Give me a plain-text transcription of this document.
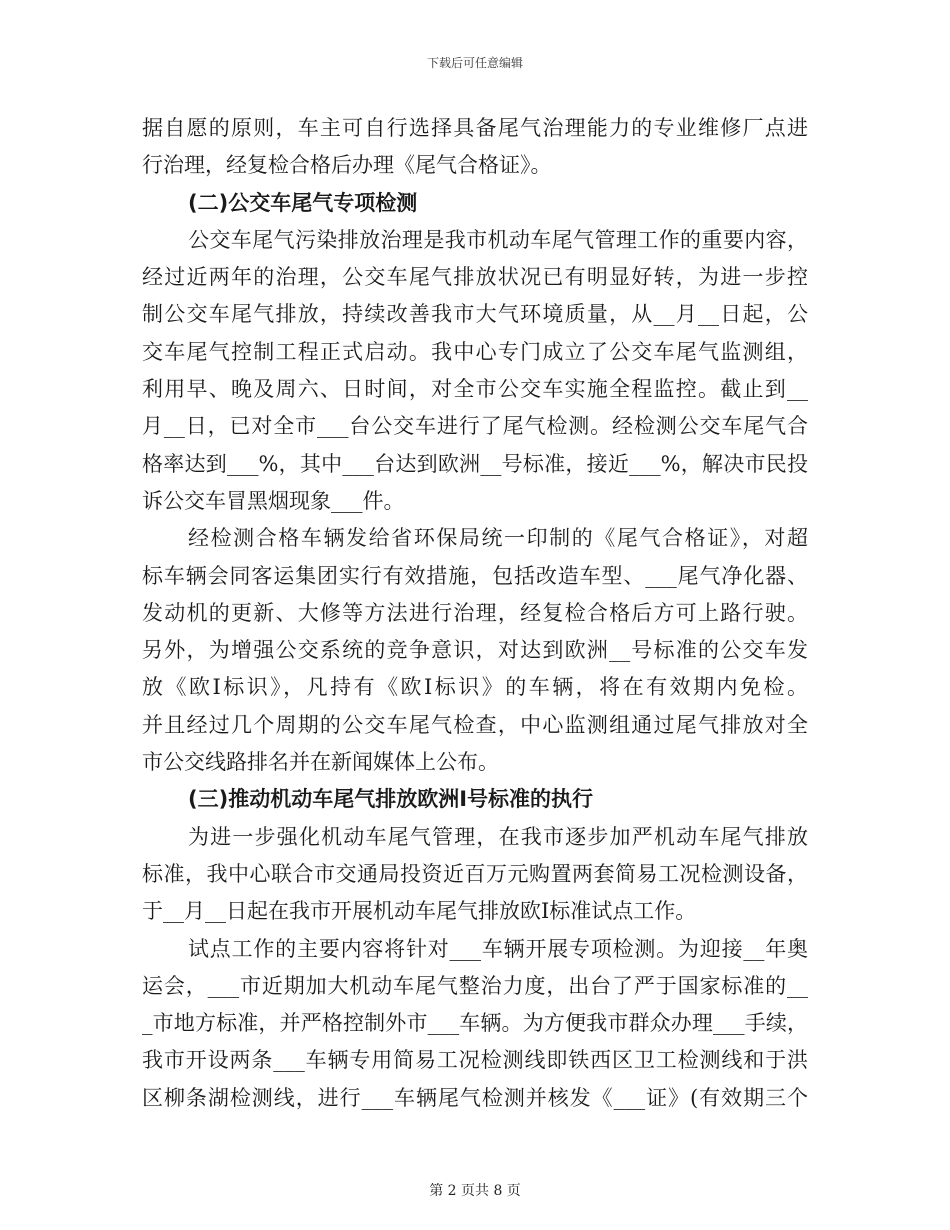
下载后可任意编辑
据自愿的原则，车主可自行选择具备尾气治理能力的专业维修厂点进
行治理，经复检合格后办理《尾气合格证》。
(二)公交车尾气专项检测
公交车尾气污染排放治理是我市机动车尾气管理工作的重要内容，
经过近两年的治理，公交车尾气排放状况已有明显好转，为进一步控
制公交车尾气排放，持续改善我市大气环境质量，从__月__日起，公
交车尾气控制工程正式启动。我中心专门成立了公交车尾气监测组，
利用早、晚及周六、日时间，对全市公交车实施全程监控。截止到__
月__日，已对全市___台公交车进行了尾气检测。经检测公交车尾气合
格率达到___%，其中___台达到欧洲__号标准，接近___%，解决市民投
诉公交车冒黑烟现象___件。
经检测合格车辆发给省环保局统一印制的《尾气合格证》，对超
标车辆会同客运集团实行有效措施，包括改造车型、___尾气净化器、
发动机的更新、大修等方法进行治理，经复检合格后方可上路行驶。
另外，为增强公交系统的竞争意识，对达到欧洲__号标准的公交车发
放《欧Ⅰ标识》，凡持有《欧Ⅰ标识》的车辆，将在有效期内免检。
并且经过几个周期的公交车尾气检查，中心监测组通过尾气排放对全
市公交线路排名并在新闻媒体上公布。
(三)推动机动车尾气排放欧洲Ⅰ号标准的执行
为进一步强化机动车尾气管理，在我市逐步加严机动车尾气排放
标准，我中心联合市交通局投资近百万元购置两套简易工况检测设备，
于__月__日起在我市开展机动车尾气排放欧Ⅰ标准试点工作。
试点工作的主要内容将针对___车辆开展专项检测。为迎接__年奥
运会，___市近期加大机动车尾气整治力度，出台了严于国家标准的__
_市地方标准，并严格控制外市___车辆。为方便我市群众办理___手续，
我市开设两条___车辆专用简易工况检测线即铁西区卫工检测线和于洪
区柳条湖检测线，进行___车辆尾气检测并核发《___证》(有效期三个
第 2 页共 8 页
